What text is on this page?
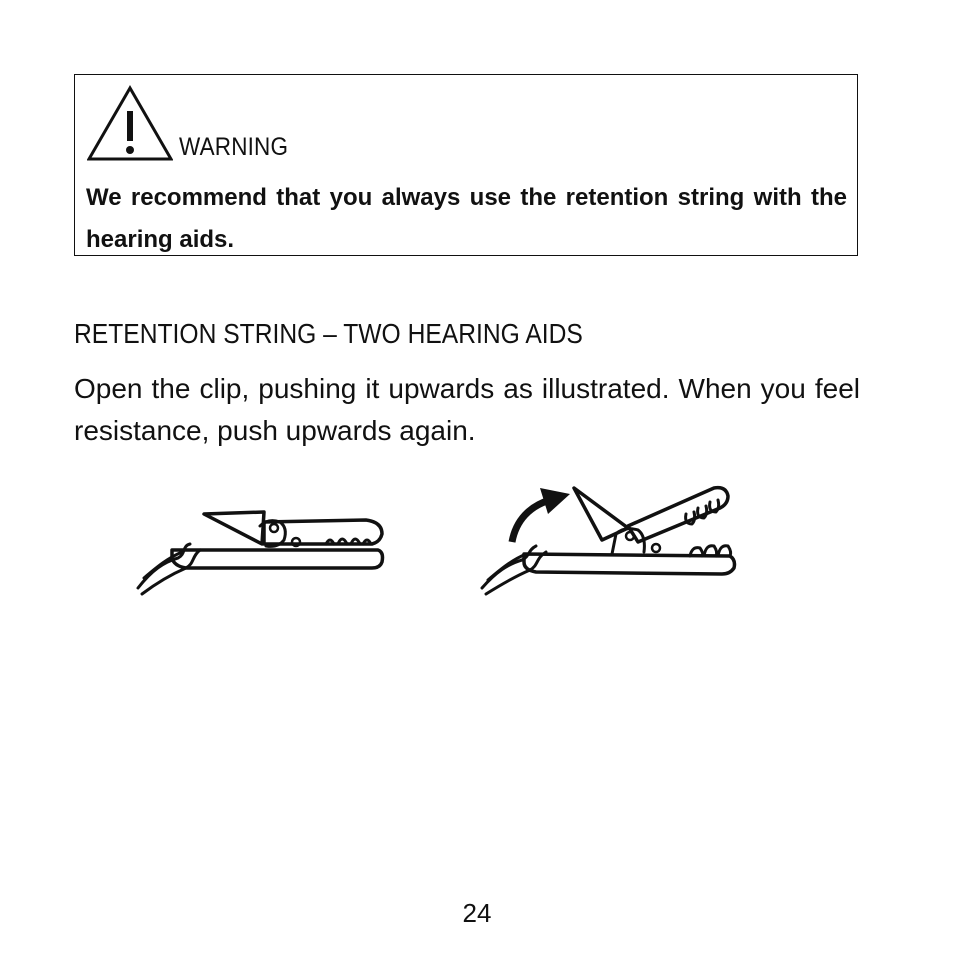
WARNING
We recommend that you always use the retention string with the hearing aids.
RETENTION STRING – TWO HEARING AIDS
Open the clip, pushing it upwards as illustrated. When you feel resistance, push upwards again.
24
